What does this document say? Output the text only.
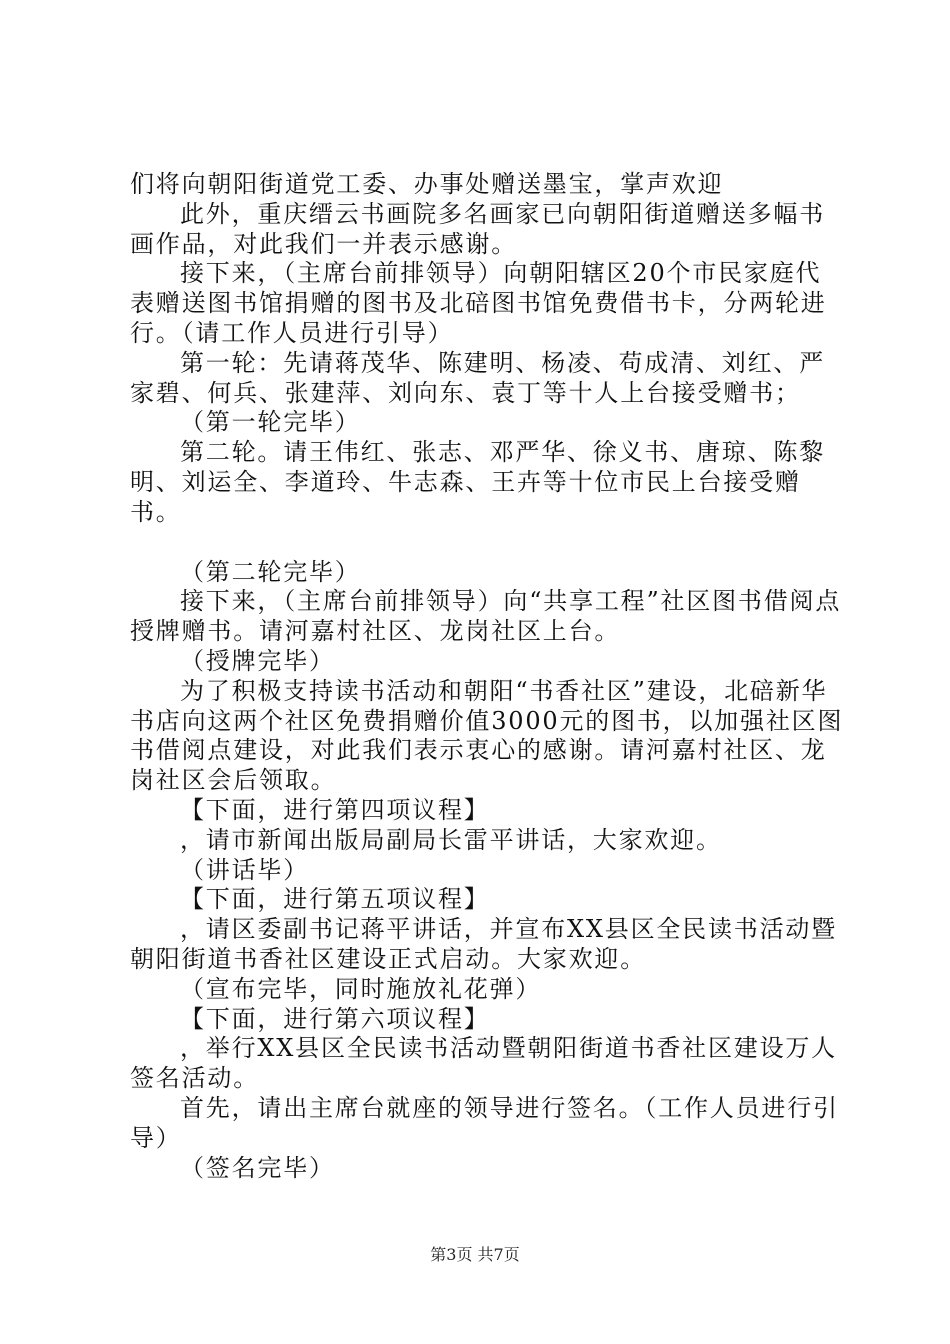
们将向朝阳街道党工委、办事处赠送墨宝，掌声欢迎

此外，重庆缙云书画院多名画家已向朝阳街道赠送多幅书画作品，对此我们一并表示感谢。

接下来，（主席台前排领导）向朝阳辖区20个市民家庭代表赠送图书馆捐赠的图书及北碚图书馆免费借书卡，分两轮进行。（请工作人员进行引导）

第一轮：先请蒋茂华、陈建明、杨凌、苟成清、刘红、严家碧、何兵、张建萍、刘向东、袁丁等十人上台接受赠书；

（第一轮完毕）

第二轮。请王伟红、张志、邓严华、徐义书、唐琼、陈黎明、刘运全、李道玲、牛志森、王卉等十位市民上台接受赠书。

（第二轮完毕）

接下来，（主席台前排领导）向“共享工程”社区图书借阅点授牌赠书。请河嘉村社区、龙岗社区上台。

（授牌完毕）

为了积极支持读书活动和朝阳“书香社区”建设，北碚新华书店向这两个社区免费捐赠价值3000元的图书，以加强社区图书借阅点建设，对此我们表示衷心的感谢。请河嘉村社区、龙岗社区会后领取。

【下面，进行第四项议程】

，请市新闻出版局副局长雷平讲话，大家欢迎。

（讲话毕）

【下面，进行第五项议程】

，请区委副书记蒋平讲话，并宣布XX县区全民读书活动暨朝阳街道书香社区建设正式启动。大家欢迎。

（宣布完毕，同时施放礼花弹）

【下面，进行第六项议程】

，举行XX县区全民读书活动暨朝阳街道书香社区建设万人签名活动。

首先，请出主席台就座的领导进行签名。（工作人员进行引导）

（签名完毕）

第3页 共7页
